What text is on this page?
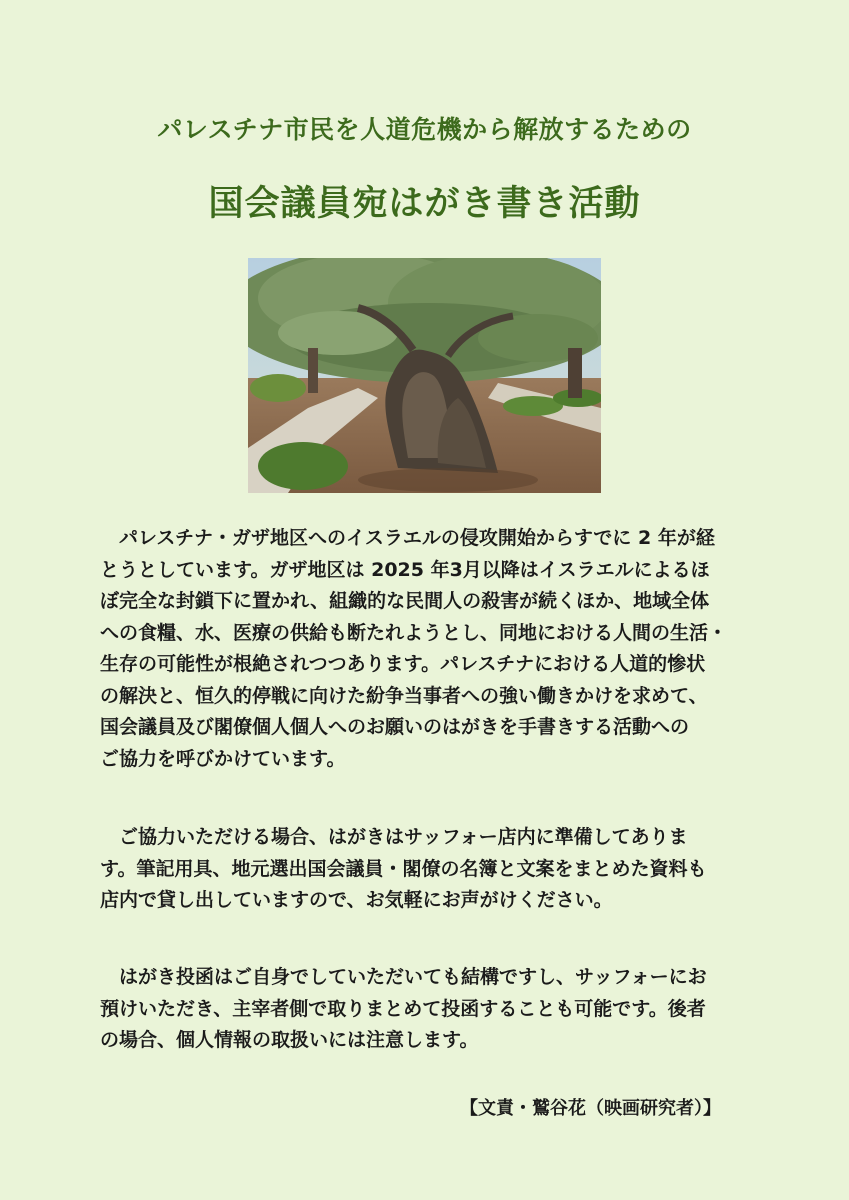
パレスチナ市民を人道危機から解放するための
国会議員宛はがき書き活動
　パレスチナ・ガザ地区へのイスラエルの侵攻開始からすでに 2 年が経
とうとしています。ガザ地区は 2025 年3月以降はイスラエルによるほ
ぼ完全な封鎖下に置かれ、組織的な民間人の殺害が続くほか、地域全体
への食糧、水、医療の供給も断たれようとし、同地における人間の生活・
生存の可能性が根絶されつつあります。パレスチナにおける人道的惨状
の解決と、恒久的停戦に向けた紛争当事者への強い働きかけを求めて、
国会議員及び閣僚個人個人へのお願いのはがきを手書きする活動への
ご協力を呼びかけています。
　ご協力いただける場合、はがきはサッフォー店内に準備してありま
す。筆記用具、地元選出国会議員・閣僚の名簿と文案をまとめた資料も
店内で貸し出していますので、お気軽にお声がけください。
　はがき投函はご自身でしていただいても結構ですし、サッフォーにお
預けいただき、主宰者側で取りまとめて投函することも可能です。後者
の場合、個人情報の取扱いには注意します。
【文責・鷲谷花（映画研究者）】
